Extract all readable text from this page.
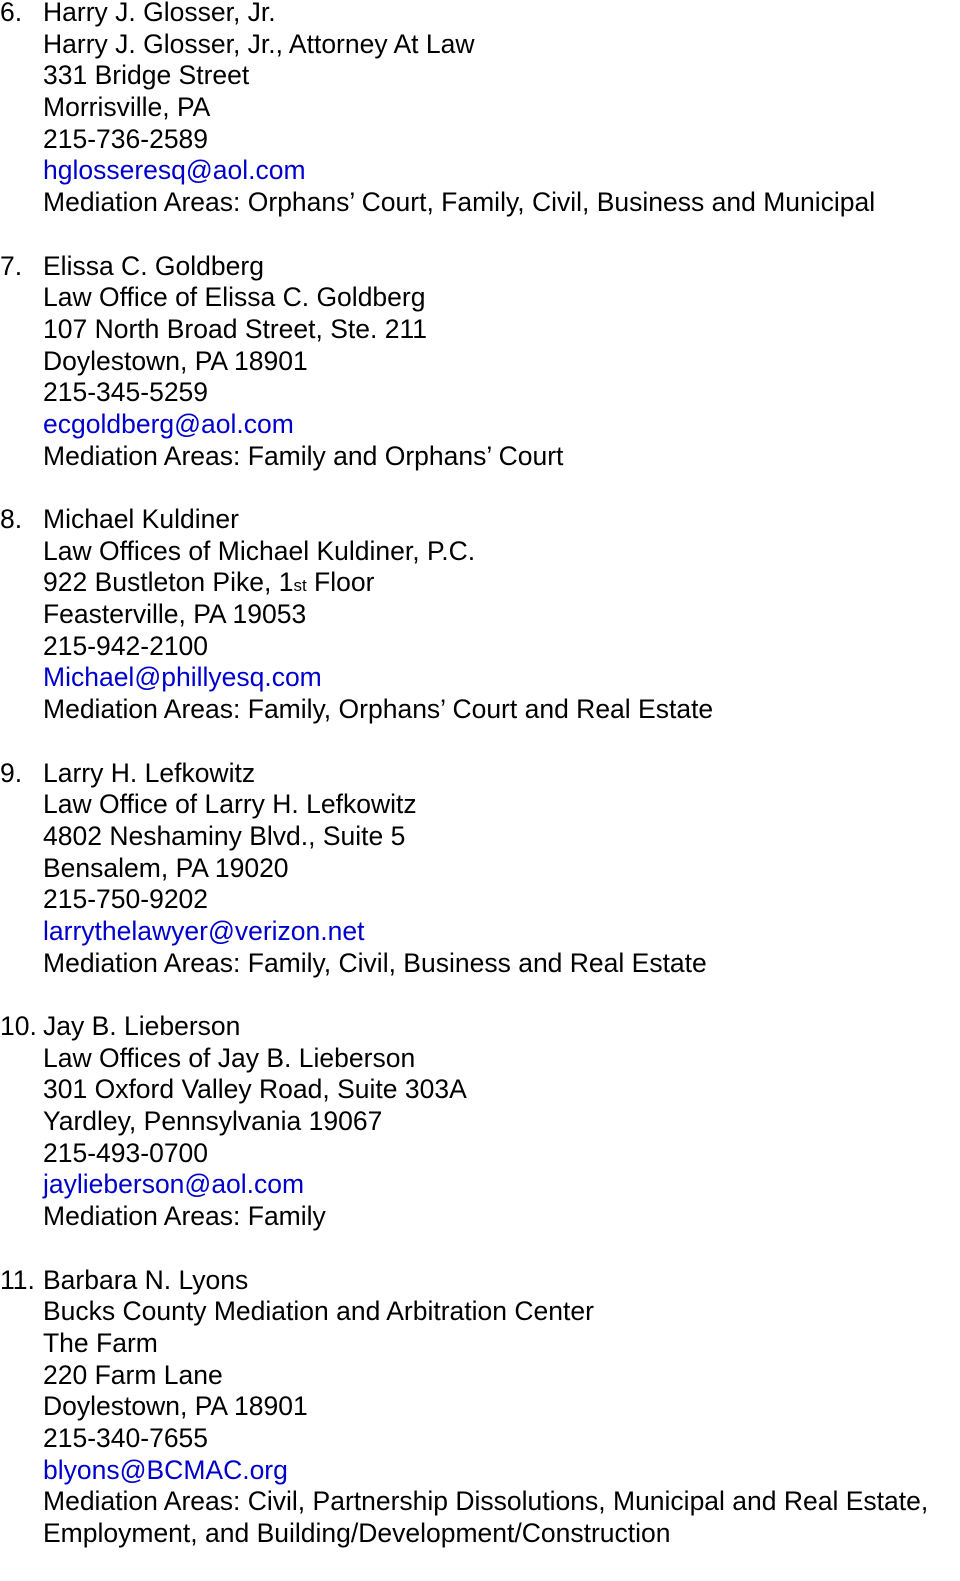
6. Harry J. Glosser, Jr.
Harry J. Glosser, Jr., Attorney At Law
331 Bridge Street
Morrisville, PA
215-736-2589
hglosseresq@aol.com
Mediation Areas: Orphans’ Court, Family, Civil, Business and Municipal
7. Elissa C. Goldberg
Law Office of Elissa C. Goldberg
107 North Broad Street, Ste. 211
Doylestown, PA 18901
215-345-5259
ecgoldberg@aol.com
Mediation Areas: Family and Orphans’ Court
8. Michael Kuldiner
Law Offices of Michael Kuldiner, P.C.
922 Bustleton Pike, 1st Floor
Feasterville, PA 19053
215-942-2100
Michael@phillyesq.com
Mediation Areas: Family, Orphans’ Court and Real Estate
9. Larry H. Lefkowitz
Law Office of Larry H. Lefkowitz
4802 Neshaminy Blvd., Suite 5
Bensalem, PA 19020
215-750-9202
larrythelawyer@verizon.net
Mediation Areas: Family, Civil, Business and Real Estate
10. Jay B. Lieberson
Law Offices of Jay B. Lieberson
301 Oxford Valley Road, Suite 303A
Yardley, Pennsylvania 19067
215-493-0700
jaylieberson@aol.com
Mediation Areas: Family
11. Barbara N. Lyons
Bucks County Mediation and Arbitration Center
The Farm
220 Farm Lane
Doylestown, PA 18901
215-340-7655
blyons@BCMAC.org
Mediation Areas: Civil, Partnership Dissolutions, Municipal and Real Estate,
Employment, and Building/Development/Construction
